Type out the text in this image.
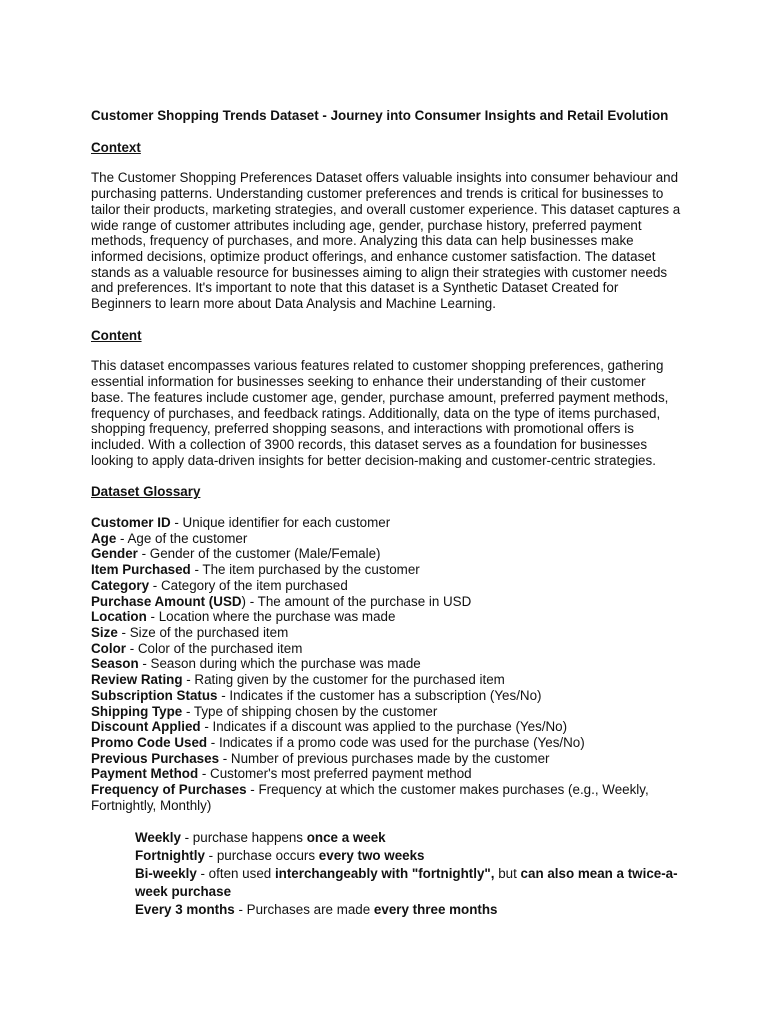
Customer Shopping Trends Dataset - Journey into Consumer Insights and Retail Evolution
Context
The Customer Shopping Preferences Dataset offers valuable insights into consumer behaviour and purchasing patterns. Understanding customer preferences and trends is critical for businesses to tailor their products, marketing strategies, and overall customer experience. This dataset captures a wide range of customer attributes including age, gender, purchase history, preferred payment methods, frequency of purchases, and more. Analyzing this data can help businesses make informed decisions, optimize product offerings, and enhance customer satisfaction. The dataset stands as a valuable resource for businesses aiming to align their strategies with customer needs and preferences. It's important to note that this dataset is a Synthetic Dataset Created for Beginners to learn more about Data Analysis and Machine Learning.
Content
This dataset encompasses various features related to customer shopping preferences, gathering essential information for businesses seeking to enhance their understanding of their customer base. The features include customer age, gender, purchase amount, preferred payment methods, frequency of purchases, and feedback ratings. Additionally, data on the type of items purchased, shopping frequency, preferred shopping seasons, and interactions with promotional offers is included. With a collection of 3900 records, this dataset serves as a foundation for businesses looking to apply data-driven insights for better decision-making and customer-centric strategies.
Dataset Glossary
Customer ID - Unique identifier for each customer
Age - Age of the customer
Gender - Gender of the customer (Male/Female)
Item Purchased - The item purchased by the customer
Category - Category of the item purchased
Purchase Amount (USD) - The amount of the purchase in USD
Location - Location where the purchase was made
Size - Size of the purchased item
Color - Color of the purchased item
Season - Season during which the purchase was made
Review Rating - Rating given by the customer for the purchased item
Subscription Status - Indicates if the customer has a subscription (Yes/No)
Shipping Type - Type of shipping chosen by the customer
Discount Applied - Indicates if a discount was applied to the purchase (Yes/No)
Promo Code Used - Indicates if a promo code was used for the purchase (Yes/No)
Previous Purchases - Number of previous purchases made by the customer
Payment Method - Customer's most preferred payment method
Frequency of Purchases - Frequency at which the customer makes purchases (e.g., Weekly, Fortnightly, Monthly)
Weekly - purchase happens once a week
Fortnightly - purchase occurs every two weeks
Bi-weekly - often used interchangeably with "fortnightly", but can also mean a twice-a-week purchase
Every 3 months - Purchases are made every three months
